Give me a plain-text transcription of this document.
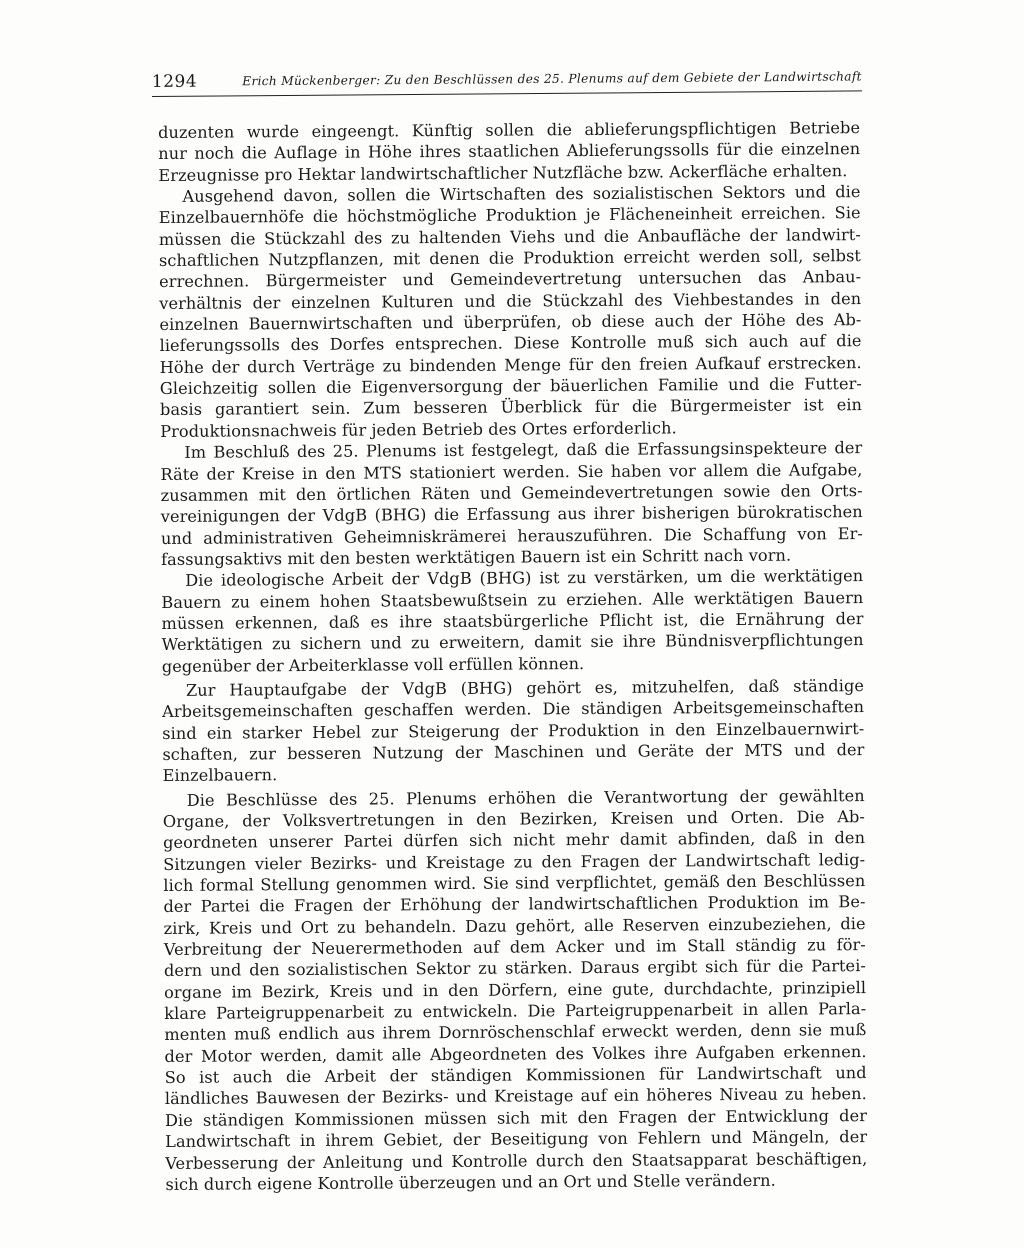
1294	Erich Mückenberger: Zu den Beschlüssen des 25. Plenums auf dem Gebiete der Landwirtschaft

duzenten wurde eingeengt. Künftig sollen die ablieferungspflichtigen Betriebe
nur noch die Auflage in Höhe ihres staatlichen Ablieferungssolls für die einzelnen
Erzeugnisse pro Hektar landwirtschaftlicher Nutzfläche bzw. Ackerfläche erhalten.

Ausgehend davon, sollen die Wirtschaften des sozialistischen Sektors und die
Einzelbauernhöfe die höchstmögliche Produktion je Flächeneinheit erreichen. Sie
müssen die Stückzahl des zu haltenden Viehs und die Anbaufläche der landwirt-
schaftlichen Nutzpflanzen, mit denen die Produktion erreicht werden soll, selbst
errechnen. Bürgermeister und Gemeindevertretung untersuchen das Anbau-
verhältnis der einzelnen Kulturen und die Stückzahl des Viehbestandes in den
einzelnen Bauernwirtschaften und überprüfen, ob diese auch der Höhe des Ab-
lieferungssolls des Dorfes entsprechen. Diese Kontrolle muß sich auch auf die
Höhe der durch Verträge zu bindenden Menge für den freien Aufkauf erstrecken.
Gleichzeitig sollen die Eigenversorgung der bäuerlichen Familie und die Futter-
basis garantiert sein. Zum besseren Überblick für die Bürgermeister ist ein
Produktionsnachweis für jeden Betrieb des Ortes erforderlich.

Im Beschluß des 25. Plenums ist festgelegt, daß die Erfassungsinspekteure der
Räte der Kreise in den MTS stationiert werden. Sie haben vor allem die Aufgabe,
zusammen mit den örtlichen Räten und Gemeindevertretungen sowie den Orts-
vereinigungen der VdgB (BHG) die Erfassung aus ihrer bisherigen bürokratischen
und administrativen Geheimniskrämerei herauszuführen. Die Schaffung von Er-
fassungsaktivs mit den besten werktätigen Bauern ist ein Schritt nach vorn.

Die ideologische Arbeit der VdgB (BHG) ist zu verstärken, um die werktätigen
Bauern zu einem hohen Staatsbewußtsein zu erziehen. Alle werktätigen Bauern
müssen erkennen, daß es ihre staatsbürgerliche Pflicht ist, die Ernährung der
Werktätigen zu sichern und zu erweitern, damit sie ihre Bündnisverpflichtungen
gegenüber der Arbeiterklasse voll erfüllen können.

Zur Hauptaufgabe der VdgB (BHG) gehört es, mitzuhelfen, daß ständige
Arbeitsgemeinschaften geschaffen werden. Die ständigen Arbeitsgemeinschaften
sind ein starker Hebel zur Steigerung der Produktion in den Einzelbauernwirt-
schaften, zur besseren Nutzung der Maschinen und Geräte der MTS und der
Einzelbauern.

Die Beschlüsse des 25. Plenums erhöhen die Verantwortung der gewählten
Organe, der Volksvertretungen in den Bezirken, Kreisen und Orten. Die Ab-
geordneten unserer Partei dürfen sich nicht mehr damit abfinden, daß in den
Sitzungen vieler Bezirks- und Kreistage zu den Fragen der Landwirtschaft ledig-
lich formal Stellung genommen wird. Sie sind verpflichtet, gemäß den Beschlüssen
der Partei die Fragen der Erhöhung der landwirtschaftlichen Produktion im Be-
zirk, Kreis und Ort zu behandeln. Dazu gehört, alle Reserven einzubeziehen, die
Verbreitung der Neuerermethoden auf dem Acker und im Stall ständig zu för-
dern und den sozialistischen Sektor zu stärken. Daraus ergibt sich für die Partei-
organe im Bezirk, Kreis und in den Dörfern, eine gute, durchdachte, prinzipiell
klare Parteigruppenarbeit zu entwickeln. Die Parteigruppenarbeit in allen Parla-
menten muß endlich aus ihrem Dornröschenschlaf erweckt werden, denn sie muß
der Motor werden, damit alle Abgeordneten des Volkes ihre Aufgaben erkennen.
So ist auch die Arbeit der ständigen Kommissionen für Landwirtschaft und
ländliches Bauwesen der Bezirks- und Kreistage auf ein höheres Niveau zu heben.
Die ständigen Kommissionen müssen sich mit den Fragen der Entwicklung der
Landwirtschaft in ihrem Gebiet, der Beseitigung von Fehlern und Mängeln, der
Verbesserung der Anleitung und Kontrolle durch den Staatsapparat beschäftigen,
sich durch eigene Kontrolle überzeugen und an Ort und Stelle verändern.
